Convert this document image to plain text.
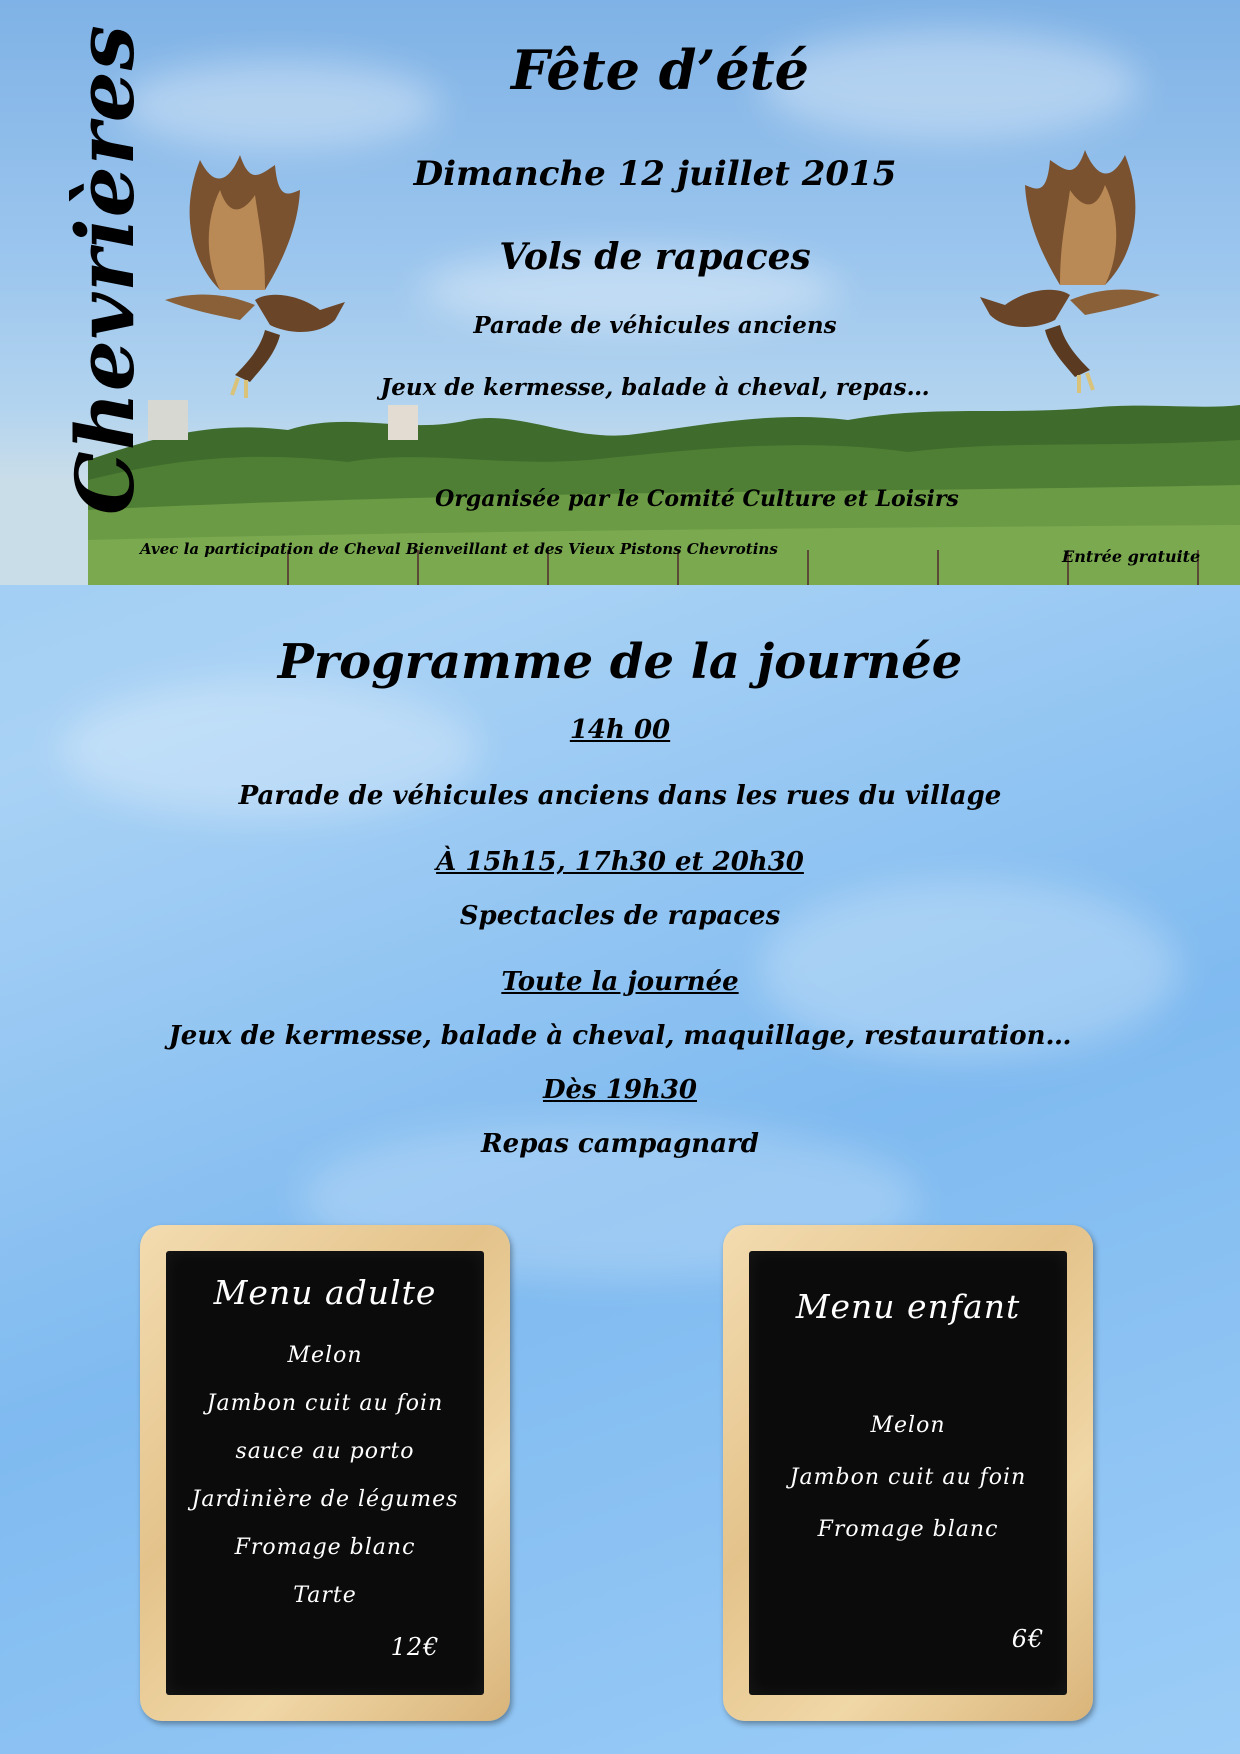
Chevrières	Fête d’été
Dimanche 12 juillet 2015
Vols de rapaces
Parade de véhicules anciens
Jeux de kermesse, balade à cheval, repas…
Organisée par le Comité Culture et Loisirs
Avec la participation de Cheval Bienveillant et des Vieux Pistons Chevrotins	Entrée gratuite
Programme de la journée
14h 00
Parade de véhicules anciens dans les rues du village
À 15h15, 17h30 et 20h30
Spectacles de rapaces
Toute la journée
Jeux de kermesse, balade à cheval, maquillage, restauration…
Dès 19h30
Repas campagnard
Menu adulte
Melon
Jambon cuit au foin
sauce au porto
Jardinière de légumes
Fromage blanc
Tarte
12€
Menu enfant
Melon
Jambon cuit au foin
Fromage blanc
6€
